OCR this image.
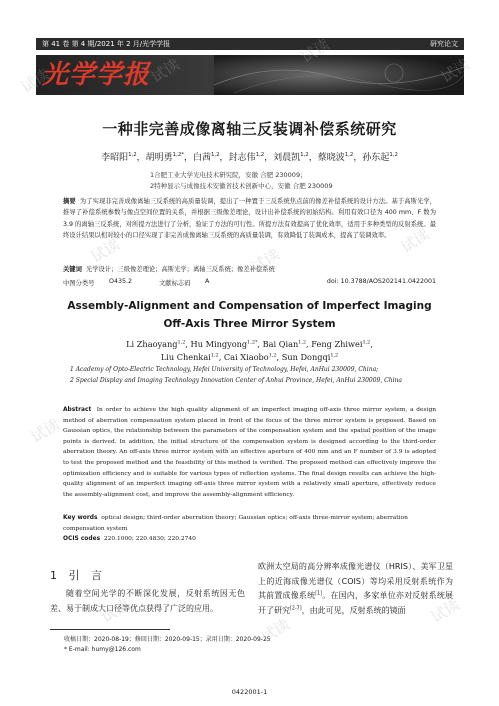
第 41 卷 第 4 期/2021 年 2 月/光学学报	研究论文
光学学报
一种非完善成像离轴三反装调补偿系统研究
李昭阳$^{1,2}$，胡明勇$^{1,2*}$，白茜$^{1,2}$，封志伟$^{1,2}$，刘晨凯$^{1,2}$，蔡晓波$^{1,2}$，孙东起$^{1,2}$
1合肥工业大学光电技术研究院，安徽 合肥 230009；
2特种显示与成像技术安徽省技术创新中心，安徽 合肥 230009
摘要 为了实现非完善成像离轴三反系统的高质量装调，提出了一种置于三反系统焦点前的像差补偿系统的设计方法。基于高斯光学，推导了补偿系统参数与像点空间位置的关系，并根据三级像差理论，设计出补偿系统的初始结构。利用有效口径为 400 mm、F 数为 3.9 的离轴三反系统，对所提方法进行了分析，验证了方法的可行性。所提方法有效提高了优化效率，适用于多种类型的反射系统。最终设计结果以相对较小的口径实现了非完善成像离轴三反系统的高质量装调，有效降低了装调成本，提高了装调效率。
关键词 光学设计；三级像差理论；高斯光学；离轴三反系统；像差补偿系统
中图分类号 O435.2	文献标志码 A	doi: 10.3788/AOS202141.0422001
Assembly-Alignment and Compensation of Imperfect Imaging
Off-Axis Three Mirror System
Li Zhaoyang$^{1,2}$, Hu Mingyong$^{1,2*}$, Bai Qian$^{1,2}$, Feng Zhiwei$^{1,2}$,
Liu Chenkai$^{1,2}$, Cai Xiaobo$^{1,2}$, Sun Dongqi$^{1,2}$
1 Academy of Opto-Electric Technology, Hefei University of Technology, Hefei, AnHui 230009, China;
2 Special Display and Imaging Technology Innovation Center of Anhui Province, Hefei, AnHui 230009, China
Abstract In order to achieve the high quality alignment of an imperfect imaging off-axis three mirror system, a design method of aberration compensation system placed in front of the focus of the three mirror system is proposed. Based on Gaussian optics, the relationship between the parameters of the compensation system and the spatial position of the image points is derived. In addition, the initial structure of the compensation system is designed according to the third-order aberration theory. An off-axis three mirror system with an effective aperture of 400 mm and an F number of 3.9 is adopted to test the proposed method and the feasibility of this method is verified. The proposed method can effectively improve the optimization efficiency and is suitable for various types of reflection systems. The final design results can achieve the high-quality alignment of an imperfect imaging off-axis three mirror system with a relatively small aperture, effectively reduce the assembly-alignment cost, and improve the assembly-alignment efficiency.
Key words optical design; third-order aberration theory; Gaussian optics; off-axis three-mirror system; aberration compensation system
OCIS codes 220.1000; 220.4830; 220.2740
1 引 言
随着空间光学的不断深化发展，反射系统因无色差、易于制成大口径等优点获得了广泛的应用。
欧洲太空局的高分辨率成像光谱仪（HRIS）、美军卫星上的近海成像光谱仪（COIS）等均采用反射系统作为其前置成像系统[1]。在国内，多家单位亦对反射系统展开了研究[2-7]，由此可见，反射系统的镜面
收稿日期：2020-08-19；修回日期：2020-09-15；录用日期：2020-09-25
* E-mail: humy@126.com
0422001-1
试读	试读
试读
试读
试读	试读
试读
试读
试读
试读
试读
试读
试读
